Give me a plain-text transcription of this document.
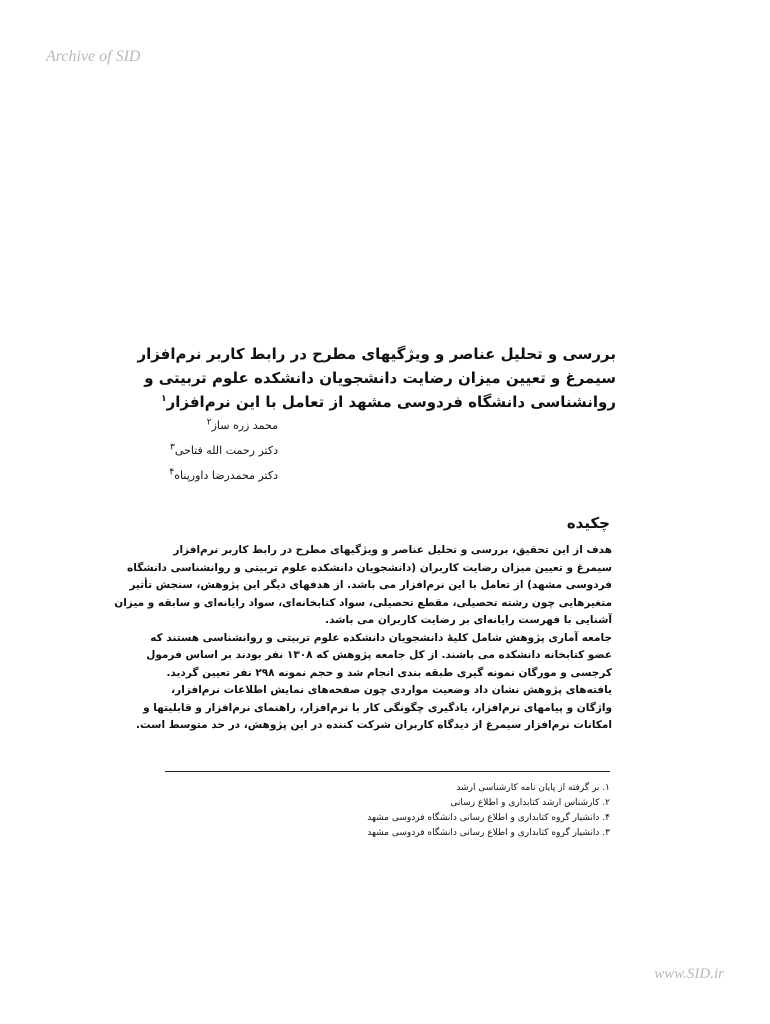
Archive of SID
بررسی و تحلیل عناصر و ویژگیهای مطرح در رابط کاربر نرم‌افزار
سیمرغ و تعیین میزان رضایت دانشجویان دانشکده علوم تربیتی و
روانشناسی دانشگاه فردوسی مشهد از تعامل با این نرم‌افزار$^۱$
محمد زره ساز$^۲$
دکتر رحمت الله فتاحی$^۳$
دکتر محمدرضا داورپناه$^۴$
چکیده
هدف از این تحقیق، بررسی و تحلیل عناصر و ویژگیهای مطرح در رابط کاربر نرم‌افزار
سیمرغ و تعیین میزان رضایت کاربران (دانشجویان دانشکده علوم تربیتی و روانشناسی دانشگاه
فردوسی مشهد) از تعامل با این نرم‌افزار می باشد. از هدفهای دیگر این پژوهش، سنجش تأثیر
متغیرهایی چون رشته تحصیلی، مقطع تحصیلی، سواد کتابخانه‌ای، سواد رایانه‌ای و سابقه و میزان
آشنایی با فهرست رایانه‌ای بر رضایت کاربران می باشد.
جامعه آماری پژوهش شامل کلیهٔ دانشجویان دانشکده علوم تربیتی و روانشناسی هستند که
عضو کتابخانه دانشکده می باشند. از کل جامعه پژوهش که ۱۳۰۸ نفر بودند بر اساس فرمول
کرجسی و مورگان نمونه گیری طبقه بندی انجام شد و حجم نمونه ۲۹۸ نفر تعیین گردید.
یافته‌های پژوهش نشان داد وضعیت مواردی چون صفحه‌های نمایش اطلاعات نرم‌افزار،
واژگان و پیامهای نرم‌افزار، یادگیری چگونگی کار با نرم‌افزار، راهنمای نرم‌افزار و قابلیتها و
امکانات نرم‌افزار سیمرغ از دیدگاه کاربران شرکت کننده در این پژوهش، در حد متوسط است.
۱. بر گرفته از پایان نامه کارشناسی ارشد
۲. کارشناس ارشد کتابداری و اطلاع رسانی
۴. دانشیار گروه کتابداری و اطلاع رسانی دانشگاه فردوسی مشهد
۳. دانشیار گروه کتابداری و اطلاع رسانی دانشگاه فردوسی مشهد
www.SID.ir
